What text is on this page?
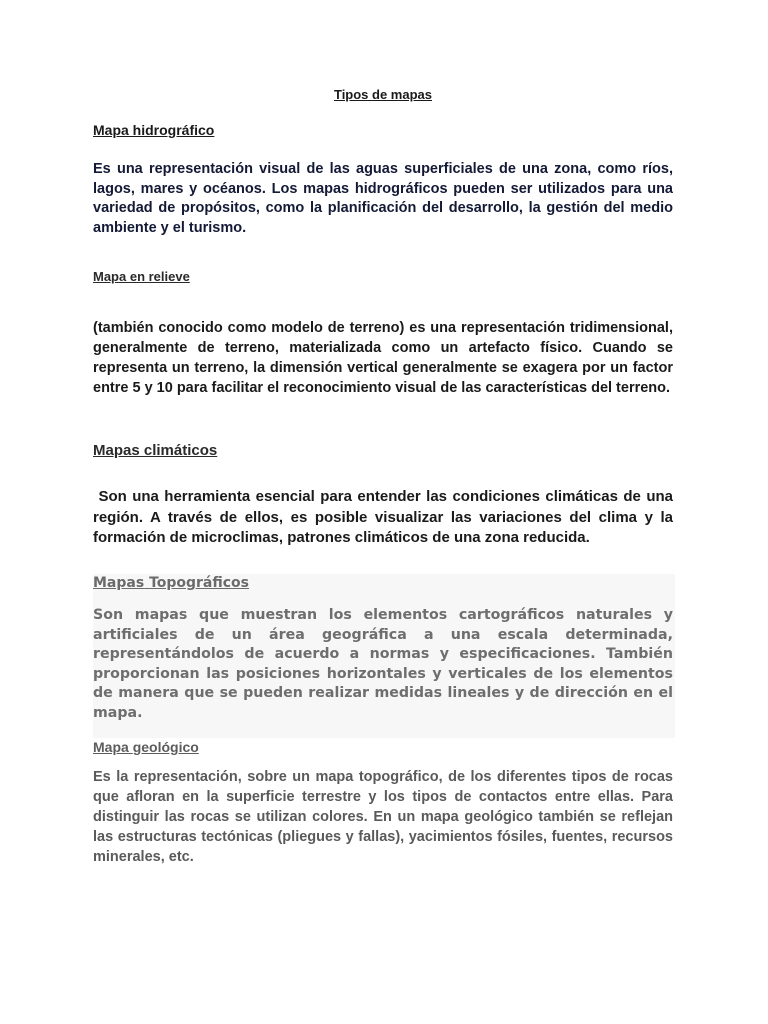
Tipos de mapas

Mapa hidrográfico

Es una representación visual de las aguas superficiales de una zona, como ríos, lagos, mares y océanos. Los mapas hidrográficos pueden ser utilizados para una variedad de propósitos, como la planificación del desarrollo, la gestión del medio ambiente y el turismo.

Mapa en relieve

(también conocido como modelo de terreno) es una representación tridimensional, generalmente de terreno, materializada como un artefacto físico. Cuando se representa un terreno, la dimensión vertical generalmente se exagera por un factor entre 5 y 10 para facilitar el reconocimiento visual de las características del terreno.

Mapas climáticos

Son una herramienta esencial para entender las condiciones climáticas de una región. A través de ellos, es posible visualizar las variaciones del clima y la formación de microclimas, patrones climáticos de una zona reducida.

Mapas Topográficos

Son mapas que muestran los elementos cartográficos naturales y artificiales de un área geográfica a una escala determinada, representándolos de acuerdo a normas y especificaciones. También proporcionan las posiciones horizontales y verticales de los elementos de manera que se pueden realizar medidas lineales y de dirección en el mapa.

Mapa geológico

Es la representación, sobre un mapa topográfico, de los diferentes tipos de rocas que afloran en la superficie terrestre y los tipos de contactos entre ellas. Para distinguir las rocas se utilizan colores. En un mapa geológico también se reflejan las estructuras tectónicas (pliegues y fallas), yacimientos fósiles, fuentes, recursos minerales, etc.
